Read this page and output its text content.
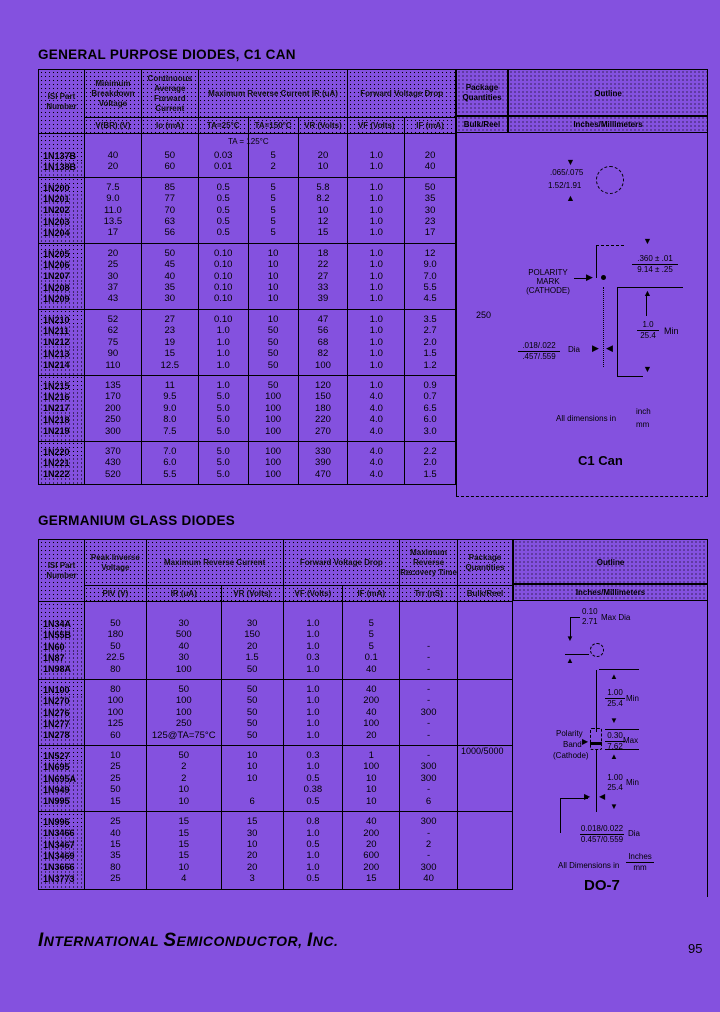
GENERAL PURPOSE DIODES, C1 CAN
ISI Part Number	Minimum Breakdown Voltage	Continuous Average Forward Current	Maximum Reverse Current IR (uA)			Forward Voltage Drop	
	V(BR) (V)	Io (mA)	TA=25°C	TA=150°C	VR (Volts)	VF (Volts)	IF (mA)
1N137B	40	50	0.03	5	20	1.0	20
1N138B	20	60	0.01	2	10	1.0	40
1N200	7.5	85	0.5	5	5.8	1.0	50
1N201	9.0	77	0.5	5	8.2	1.0	35
1N202	11.0	70	0.5	5	10	1.0	30
1N203	13.5	63	0.5	5	12	1.0	23
1N204	17	56	0.5	5	15	1.0	17
1N205	20	50	0.10	10	18	1.0	12
1N206	25	45	0.10	10	22	1.0	9.0
1N207	30	40	0.10	10	27	1.0	7.0
1N208	37	35	0.10	10	33	1.0	5.5
1N209	43	30	0.10	10	39	1.0	4.5
1N210	52	27	0.10	10	47	1.0	3.5
1N211	62	23	1.0	50	56	1.0	2.7
1N212	75	19	1.0	50	68	1.0	2.0
1N213	90	15	1.0	50	82	1.0	1.5
1N214	110	12.5	1.0	50	100	1.0	1.2
1N215	135	11	1.0	50	120	1.0	0.9
1N216	170	9.5	5.0	100	150	4.0	0.7
1N217	200	9.0	5.0	100	180	4.0	6.5
1N218	250	8.0	5.0	100	220	4.0	6.0
1N219	300	7.5	5.0	100	270	4.0	3.0
1N220	370	7.0	5.0	100	330	4.0	2.2
1N221	430	6.0	5.0	100	390	4.0	2.0
1N222	520	5.5	5.0	100	470	4.0	1.5
Package Quantities
Bulk/Reel
Outline
Inches/Millimeters
TA = 125°C
250
▼
.065/.075
1.52/1.91
▲
▼
.360 ± .01
9.14 ± .25
POLARITY
MARK
(CATHODE)
▶
▲
1.0
25.4 Min
▼
.018/.022
.457/.559
Dia ▶ ◀
All dimensions in
inch
mm
C1 Can
GERMANIUM GLASS DIODES
ISI Part Number	Peak Inverse Voltage	Maximum Reverse Current		Forward Voltage Drop		Maximum Reverse Recovery Time	Package Quantities
	PIV (V)	IR (uA)	VR (Volts)	VF (Volts)	IF (mA)	Trr (nS)	Bulk/Reel
1N34A	50	30	30	1.0	5		
1N55B	180	500	150	1.0	5		
1N60	50	40	20	1.0	5	-	
1N87	22.5	30	1.5	0.3	0.1	-	
1N98A	80	100	50	1.0	40	-	
1N100	80	50	50	1.0	40	-	
1N270	100	100	50	1.0	200	-	
1N276	100	100	50	1.0	40	300	
1N277	125	250	50	1.0	100	-	
1N278	60	125@TA=75°C	50	1.0	20	-	
1N527	10	50	10	0.3	1	-	
1N695	25	2	10	1.0	100	300	
1N695A	25	2	10	0.5	10	300	
1N949	50	10		0.38	10	-	
1N995	15	10	6	0.5	10	6	
1N996	25	15	15	0.8	40	300	
1N3466	40	15	30	1.0	200	-	
1N3467	15	15	10	0.5	20	2	
1N3469	35	15	20	1.0	600	-	
1N3666	80	10	20	1.0	200	300	
1N3773	25	4	3	0.5	15	40	
Outline
Inches/Millimeters
1000/5000
0.10
2.71 Max Dia
▼
▲
▲
1.00
25.4
Min
▼
0.30
7.62
Max
Polarity
Band ▶
(Cathode)	▲
1.00
25.4
Min
▼
▶ ◀
0.018/0.022
0.457/0.559
Dia
All Dimensions in
Inches
mm
DO-7
INTERNATIONAL SEMICONDUCTOR, INC.	95
